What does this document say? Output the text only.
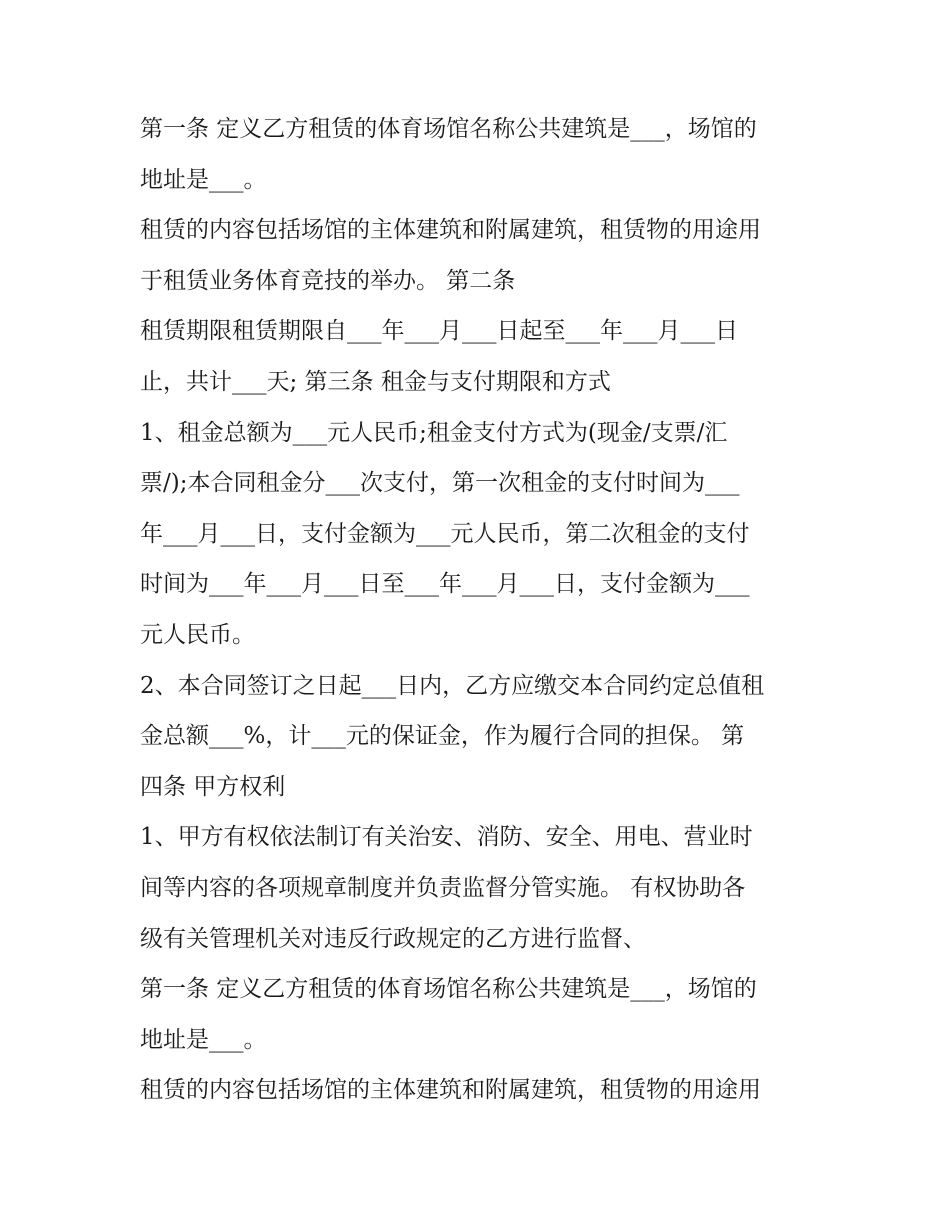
第一条 定义乙方租赁的体育场馆名称公共建筑是___，场馆的
地址是___。
租赁的内容包括场馆的主体建筑和附属建筑，租赁物的用途用
于租赁业务体育竞技的举办。 第二条
租赁期限租赁期限自___年___月___日起至___年___月___日
止，共计___天; 第三条 租金与支付期限和方式
1、租金总额为___元人民币;租金支付方式为(现金/支票/汇
票/);本合同租金分___次支付，第一次租金的支付时间为___
年___月___日，支付金额为___元人民币，第二次租金的支付
时间为___年___月___日至___年___月___日，支付金额为___
元人民币。
2、本合同签订之日起___日内，乙方应缴交本合同约定总值租
金总额___%，计___元的保证金，作为履行合同的担保。 第
四条 甲方权利
1、甲方有权依法制订有关治安、消防、安全、用电、营业时
间等内容的各项规章制度并负责监督分管实施。 有权协助各
级有关管理机关对违反行政规定的乙方进行监督、
第一条 定义乙方租赁的体育场馆名称公共建筑是___，场馆的
地址是___。
租赁的内容包括场馆的主体建筑和附属建筑，租赁物的用途用
